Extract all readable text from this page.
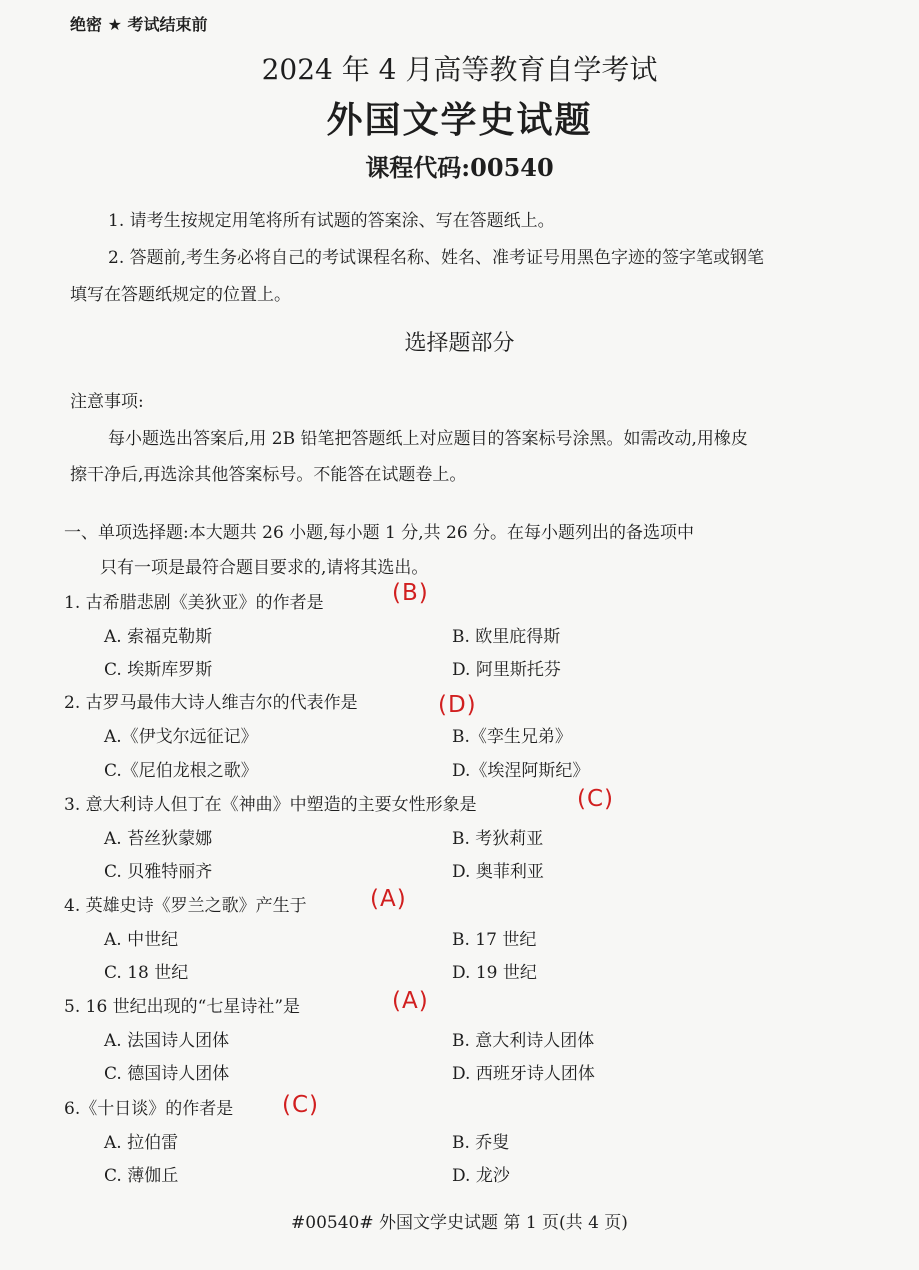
绝密 ★ 考试结束前
2024 年 4 月高等教育自学考试
外国文学史试题
课程代码:00540
1. 请考生按规定用笔将所有试题的答案涂、写在答题纸上。
2. 答题前,考生务必将自己的考试课程名称、姓名、准考证号用黑色字迹的签字笔或钢笔
填写在答题纸规定的位置上。
选择题部分
注意事项:
每小题选出答案后,用 2B 铅笔把答题纸上对应题目的答案标号涂黑。如需改动,用橡皮
擦干净后,再选涂其他答案标号。不能答在试题卷上。
一、单项选择题:本大题共 26 小题,每小题 1 分,共 26 分。在每小题列出的备选项中
只有一项是最符合题目要求的,请将其选出。
1. 古希腊悲剧《美狄亚》的作者是	(B)
A. 索福克勒斯	B. 欧里庇得斯
C. 埃斯库罗斯	D. 阿里斯托芬
2. 古罗马最伟大诗人维吉尔的代表作是	(D)
A.《伊戈尔远征记》	B.《孪生兄弟》
C.《尼伯龙根之歌》	D.《埃涅阿斯纪》
3. 意大利诗人但丁在《神曲》中塑造的主要女性形象是	(C)
A. 苔丝狄蒙娜	B. 考狄莉亚
C. 贝雅特丽齐	D. 奥菲利亚
4. 英雄史诗《罗兰之歌》产生于	(A)
A. 中世纪	B. 17 世纪
C. 18 世纪	D. 19 世纪
5. 16 世纪出现的“七星诗社”是	(A)
A. 法国诗人团体	B. 意大利诗人团体
C. 德国诗人团体	D. 西班牙诗人团体
6.《十日谈》的作者是 (C)
A. 拉伯雷	B. 乔叟
C. 薄伽丘	D. 龙沙
#00540# 外国文学史试题 第 1 页(共 4 页)
